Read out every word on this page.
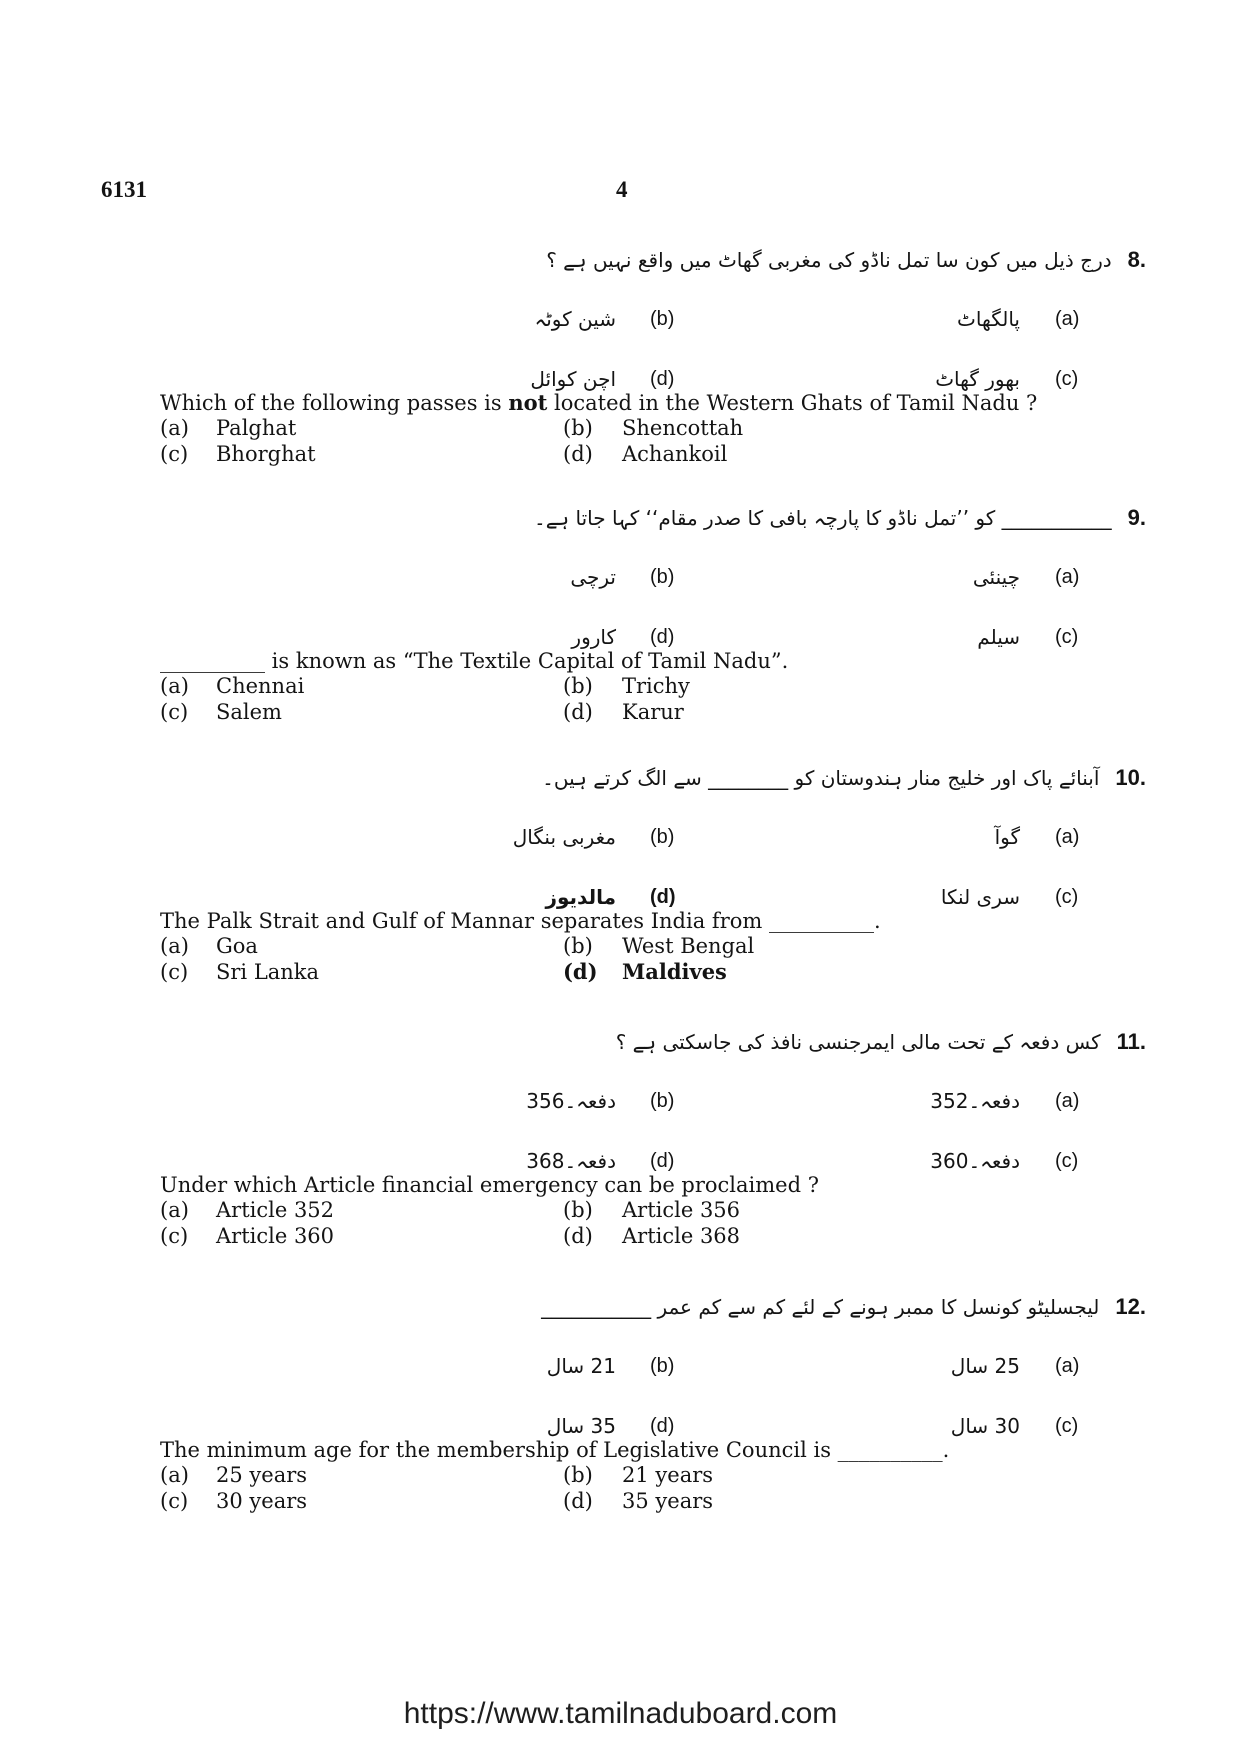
6131	4
درج ذیل میں کون سا تمل ناڈو کی مغربی گھاٹ میں واقع نہیں ہے ؟ 8.
شین کوٹہ (b)	پالگھاٹ (a)
اچن کوائل (d)	بھور گھاٹ (c)
Which of the following passes is not located in the Western Ghats of Tamil Nadu ?
(a) Palghat	(b) Shencottah
(c) Bhorghat	(d) Achankoil
___________ کو ’’تمل ناڈو کا پارچہ بافی کا صدر مقام‘‘ کہا جاتا ہے۔ 9.
ترچی (b)	چینئی (a)
کارور (d)	سیلم (c)
__________ is known as “The Textile Capital of Tamil Nadu”.
(a) Chennai	(b) Trichy
(c) Salem	(d) Karur
آبنائے پاک اور خلیج منار ہندوستان کو ________ سے الگ کرتے ہیں۔ 10.
مغربی بنگال (b)	گوآ (a)
مالدیوز (d)	سری لنکا (c)
The Palk Strait and Gulf of Mannar separates India from __________.
(a) Goa	(b) West Bengal
(c) Sri Lanka	(d) Maldives
کس دفعہ کے تحت مالی ایمرجنسی نافذ کی جاسکتی ہے ؟ 11.
دفعہ۔356 (b)	دفعہ۔352 (a)
دفعہ۔368 (d)	دفعہ۔360 (c)
Under which Article financial emergency can be proclaimed ?
(a) Article 352	(b) Article 356
(c) Article 360	(d) Article 368
لیجسلیٹو کونسل کا ممبر ہونے کے لئے کم سے کم عمر ___________ 12.
21 سال (b)	25 سال (a)
35 سال (d)	30 سال (c)
The minimum age for the membership of Legislative Council is __________.
(a) 25 years	(b) 21 years
(c) 30 years	(d) 35 years
https://www.tamilnaduboard.com
